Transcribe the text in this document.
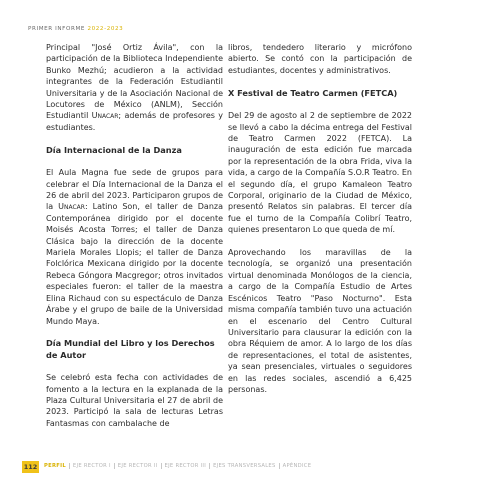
PRIMER INFORME 2022-2023

Principal "José Ortiz Ávila", con la participación de la Biblioteca Independiente Bunko Mezhú; acudieron a la actividad integrantes de la Federación Estudiantil Universitaria y de la Asociación Nacional de Locutores de México (ANLM), Sección Estudiantil Unacar; además de profesores y estudiantes.

Día Internacional de la Danza

El Aula Magna fue sede de grupos para celebrar el Día Internacional de la Danza el 26 de abril del 2023. Participaron grupos de la Unacar: Latino Son, el taller de Danza Contemporánea dirigido por el docente Moisés Acosta Torres; el taller de Danza Clásica bajo la dirección de la docente Mariela Morales Llopis; el taller de Danza Folclórica Mexicana dirigido por la docente Rebeca Góngora Macgregor; otros invitados especiales fueron: el taller de la maestra Elina Richaud con su espectáculo de Danza Árabe y el grupo de baile de la Universidad Mundo Maya.

Día Mundial del Libro y los Derechos de Autor

Se celebró esta fecha con actividades de fomento a la lectura en la explanada de la Plaza Cultural Universitaria el 27 de abril de 2023. Participó la sala de lecturas Letras Fantasmas con cambalache de

libros, tendedero literario y micrófono abierto. Se contó con la participación de estudiantes, docentes y administrativos.

X Festival de Teatro Carmen (FETCA)

Del 29 de agosto al 2 de septiembre de 2022 se llevó a cabo la décima entrega del Festival de Teatro Carmen 2022 (FETCA). La inauguración de esta edición fue marcada por la representación de la obra Frida, viva la vida, a cargo de la Compañía S.O.R Teatro. En el segundo día, el grupo Kamaleon Teatro Corporal, originario de la Ciudad de México, presentó Relatos sin palabras. El tercer día fue el turno de la Compañía Colibrí Teatro, quienes presentaron Lo que queda de mí.

Aprovechando los maravillas de la tecnología, se organizó una presentación virtual denominada Monólogos de la ciencia, a cargo de la Compañía Estudio de Artes Escénicos Teatro "Paso Nocturno". Esta misma compañía también tuvo una actuación en el escenario del Centro Cultural Universitario para clausurar la edición con la obra Réquiem de amor. A lo largo de los días de representaciones, el total de asistentes, ya sean presenciales, virtuales o seguidores en las redes sociales, ascendió a 6,425 personas.

112	PERFIL EJE RECTOR I EJE RECTOR II EJE RECTOR III EJES TRANSVERSALES APÉNDICE
